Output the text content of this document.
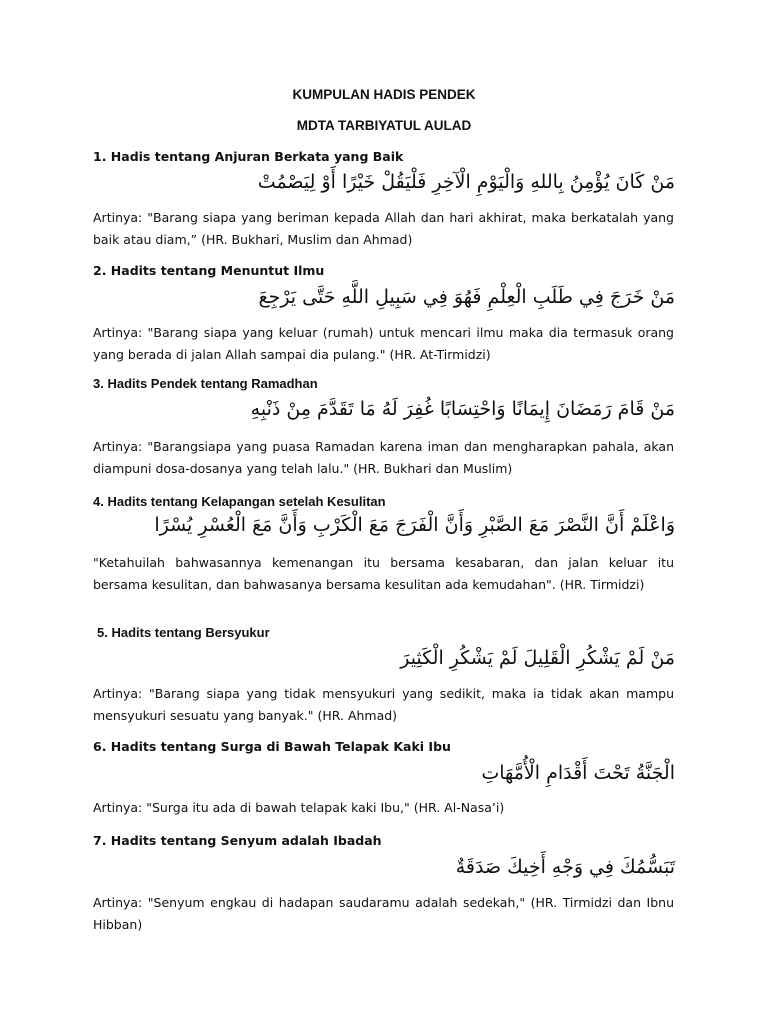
KUMPULAN HADIS PENDEK
MDTA TARBIYATUL AULAD
1. Hadis tentang Anjuran Berkata yang Baik
مَنْ كَانَ يُؤْمِنُ بِاللهِ وَالْيَوْمِ الْآخِرِ فَلْيَقُلْ خَيْرًا أَوْ لِيَصْمُتْ

Artinya: "Barang siapa yang beriman kepada Allah dan hari akhirat, maka berkatalah yang baik atau diam,” (HR. Bukhari, Muslim dan Ahmad)

2. Hadits tentang Menuntut Ilmu
مَنْ خَرَجَ فِي طَلَبِ الْعِلْمِ فَهُوَ فِي سَبِيلِ اللَّهِ حَتَّى يَرْجِعَ

Artinya: "Barang siapa yang keluar (rumah) untuk mencari ilmu maka dia termasuk orang yang berada di jalan Allah sampai dia pulang." (HR. At-Tirmidzi)

3. Hadits Pendek tentang Ramadhan
مَنْ قَامَ رَمَضَانَ إِيمَانًا وَاحْتِسَابًا غُفِرَ لَهُ مَا تَقَدَّمَ مِنْ ذَنْبِهِ

Artinya: "Barangsiapa yang puasa Ramadan karena iman dan mengharapkan pahala, akan diampuni dosa-dosanya yang telah lalu." (HR. Bukhari dan Muslim)

4. Hadits tentang Kelapangan setelah Kesulitan
وَاعْلَمْ أَنَّ النَّصْرَ مَعَ الصَّبْرِ وَأَنَّ الْفَرَجَ مَعَ الْكَرْبِ وَأَنَّ مَعَ الْعُسْرِ يُسْرًا

"Ketahuilah bahwasannya kemenangan itu bersama kesabaran, dan jalan keluar itu bersama kesulitan, dan bahwasanya bersama kesulitan ada kemudahan". (HR. Tirmidzi)

5. Hadits tentang Bersyukur
مَنْ لَمْ يَشْكُرِ الْقَلِيلَ لَمْ يَشْكُرِ الْكَثِيرَ

Artinya: "Barang siapa yang tidak mensyukuri yang sedikit, maka ia tidak akan mampu mensyukuri sesuatu yang banyak." (HR. Ahmad)

6. Hadits tentang Surga di Bawah Telapak Kaki Ibu
الْجَنَّةُ تَحْتَ أَقْدَامِ الْأُمَّهَاتِ

Artinya: "Surga itu ada di bawah telapak kaki Ibu," (HR. Al-Nasa’i)

7. Hadits tentang Senyum adalah Ibadah
تَبَسُّمُكَ فِي وَجْهِ أَخِيكَ صَدَقَةٌ

Artinya: "Senyum engkau di hadapan saudaramu adalah sedekah," (HR. Tirmidzi dan Ibnu Hibban)
